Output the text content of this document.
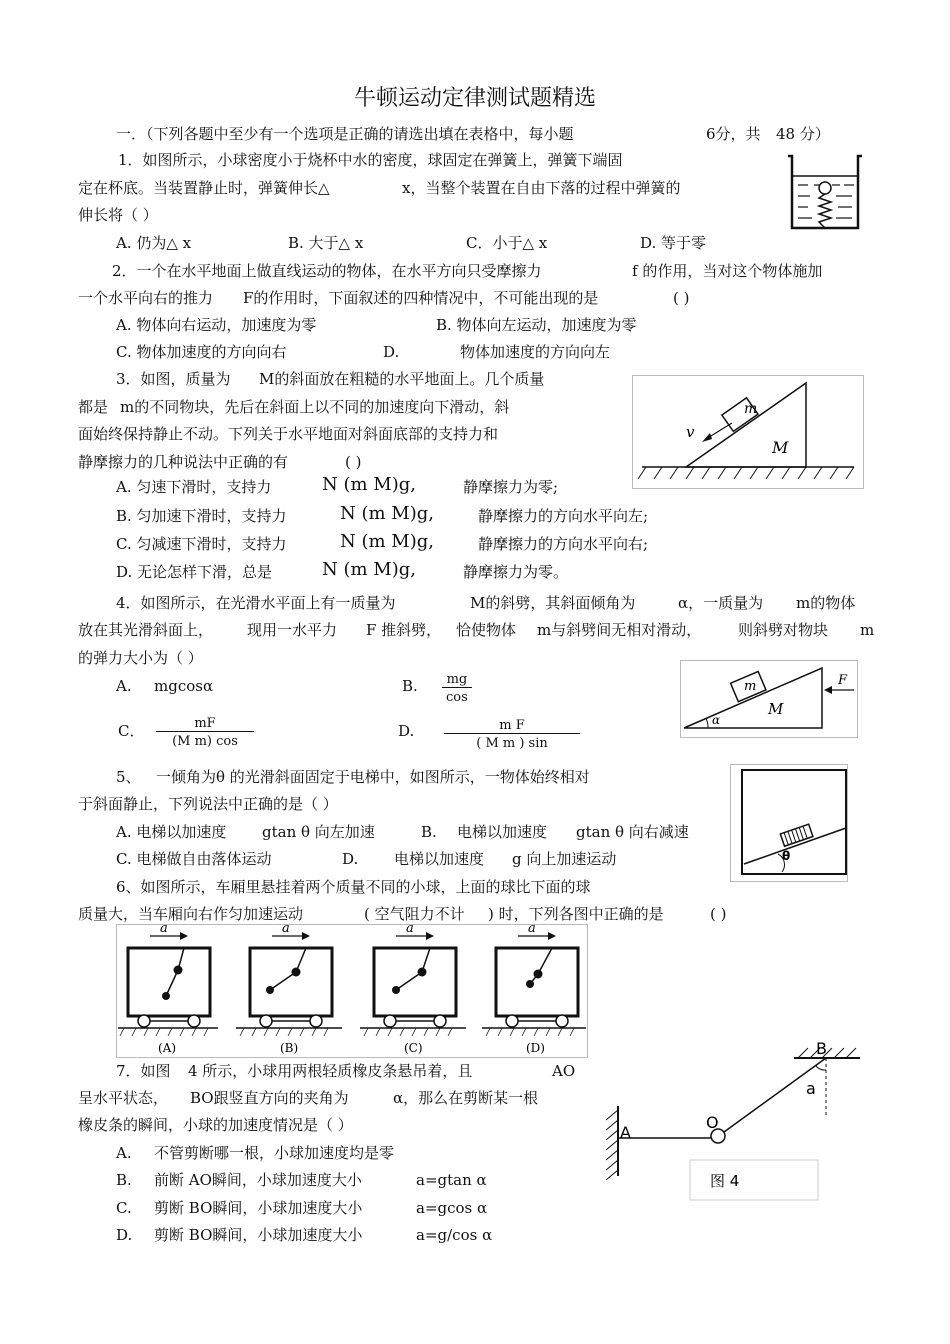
牛顿运动定律测试题精选
一．（下列各题中至少有一个选项是正确的请选出填在表格中，每小题	6分，共 48 分）
1．如图所示，小球密度小于烧杯中水的密度，球固定在弹簧上，弹簧下端固
定在杯底。当装置静止时，弹簧伸长△	x，当整个装置在自由下落的过程中弹簧的
伸长将（ ）
A. 仍为△ x	B. 大于△ x	C．小于△ x	D. 等于零
2．一个在水平地面上做直线运动的物体，在水平方向只受摩擦力	f 的作用，当对这个物体施加
一个水平向右的推力 F的作用时，下面叙述的四种情况中，不可能出现的是	( )
A. 物体向右运动，加速度为零	B. 物体向左运动，加速度为零
C. 物体加速度的方向向右	D.	物体加速度的方向向左
3．如图，质量为 M的斜面放在粗糙的水平地面上。几个质量
都是 m的不同物块，先后在斜面上以不同的加速度向下滑动，斜
面始终保持静止不动。下列关于水平地面对斜面底部的支持力和
静摩擦力的几种说法中正确的有	( )
A. 匀速下滑时，支持力	N (m M)g,	静摩擦力为零;
B. 匀加速下滑时，支持力	N (m M)g,	静摩擦力的方向水平向左;
C. 匀减速下滑时，支持力	N (m M)g,	静摩擦力的方向水平向右;
D. 无论怎样下滑，总是	N (m M)g,	静摩擦力为零。
m
v
M
4．如图所示，在光滑水平面上有一质量为	M的斜劈，其斜面倾角为	α，一质量为 m的物体
放在其光滑斜面上， 现用一水平力 F 推斜劈， 恰使物体 m与斜劈间无相对滑动， 则斜劈对物块 m
的弹力大小为（ ）
A. mgcosα	B. $\frac{mg}{\cos}$
C． $\frac{mF}{\text{(M m) cos}}$	D. $\frac{\text{m F}}{\text{( M m ) sin}}$
m
M
α
F
5、 一倾角为θ 的光滑斜面固定于电梯中，如图所示，一物体始终相对
于斜面静止，下列说法中正确的是（ ）
A. 电梯以加速度 gtan θ 向左加速	B. 电梯以加速度 gtan θ 向右减速
C. 电梯做自由落体运动	D. 电梯以加速度 g 向上加速运动	θ
6、如图所示，车厢里悬挂着两个质量不同的小球，上面的球比下面的球
质量大，当车厢向右作匀加速运动	( 空气阻力不计 ) 时，下列各图中正确的是	( )
a
(A)
a
(B)
a
(C)
a
(D)
7．如图 4 所示，小球用两根轻质橡皮条悬吊着，且	AO
呈水平状态， BO跟竖直方向的夹角为	α，那么在剪断某一根
橡皮条的瞬间，小球的加速度情况是（ ）
A. 不管剪断哪一根，小球加速度均是零
B. 前断 AO瞬间，小球加速度大小	a=gtan α
C. 剪断 BO瞬间，小球加速度大小	a=gcos α
D. 剪断 BO瞬间，小球加速度大小	a=g/cos α
A
O
B
a
图 4
